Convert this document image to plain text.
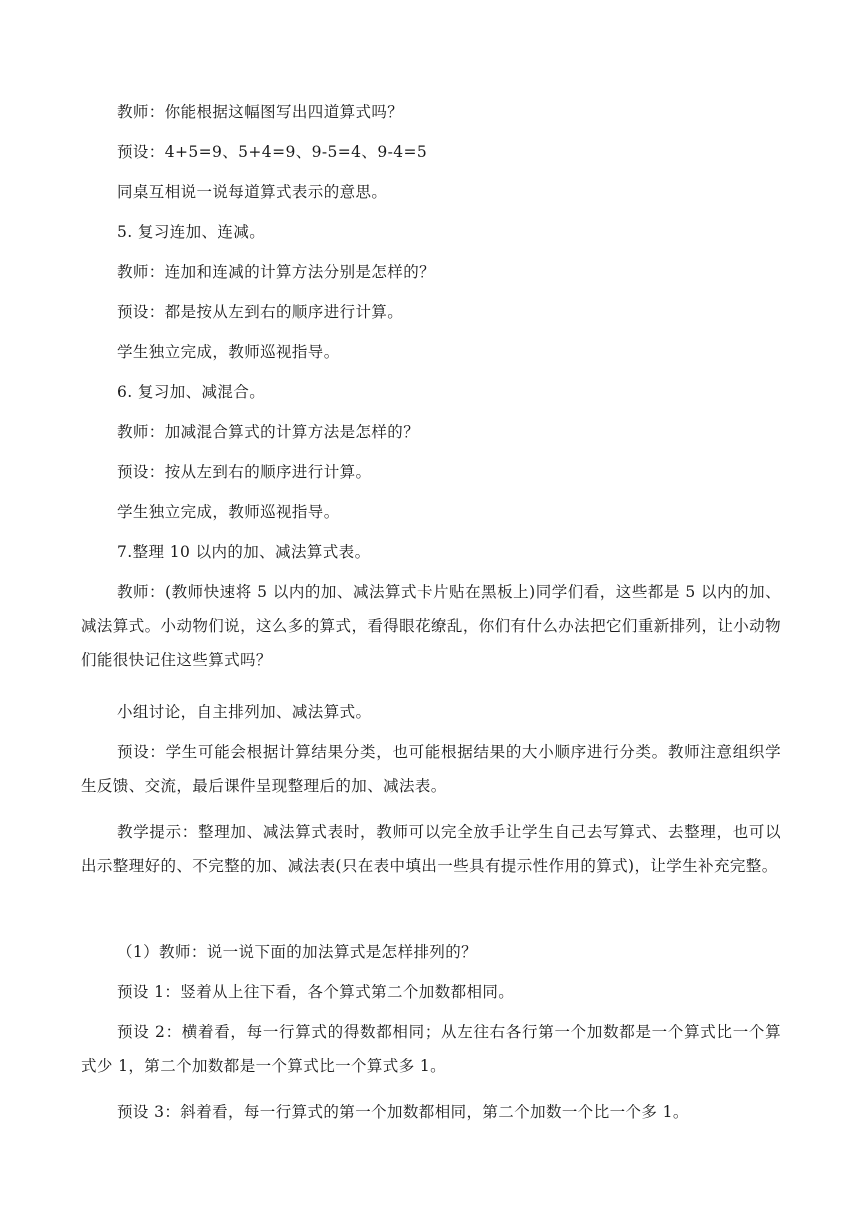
教师：你能根据这幅图写出四道算式吗？

预设：4+5=9、5+4=9、9-5=4、9-4=5

同桌互相说一说每道算式表示的意思。

5. 复习连加、连减。

教师：连加和连减的计算方法分别是怎样的？

预设：都是按从左到右的顺序进行计算。

学生独立完成，教师巡视指导。

6. 复习加、减混合。

教师：加减混合算式的计算方法是怎样的？

预设：按从左到右的顺序进行计算。

学生独立完成，教师巡视指导。

7.整理 10 以内的加、减法算式表。

教师：(教师快速将 5 以内的加、减法算式卡片贴在黑板上)同学们看，这些都是 5 以内的加、减法算式。小动物们说，这么多的算式，看得眼花缭乱，你们有什么办法把它们重新排列，让小动物们能很快记住这些算式吗？

小组讨论，自主排列加、减法算式。

预设：学生可能会根据计算结果分类，也可能根据结果的大小顺序进行分类。教师注意组织学生反馈、交流，最后课件呈现整理后的加、减法表。

教学提示：整理加、减法算式表时，教师可以完全放手让学生自己去写算式、去整理，也可以出示整理好的、不完整的加、减法表(只在表中填出一些具有提示性作用的算式)，让学生补充完整。

（1）教师：说一说下面的加法算式是怎样排列的？

预设 1：竖着从上往下看，各个算式第二个加数都相同。

预设 2：横着看，每一行算式的得数都相同；从左往右各行第一个加数都是一个算式比一个算式少 1，第二个加数都是一个算式比一个算式多 1。

预设 3：斜着看，每一行算式的第一个加数都相同，第二个加数一个比一个多 1。
